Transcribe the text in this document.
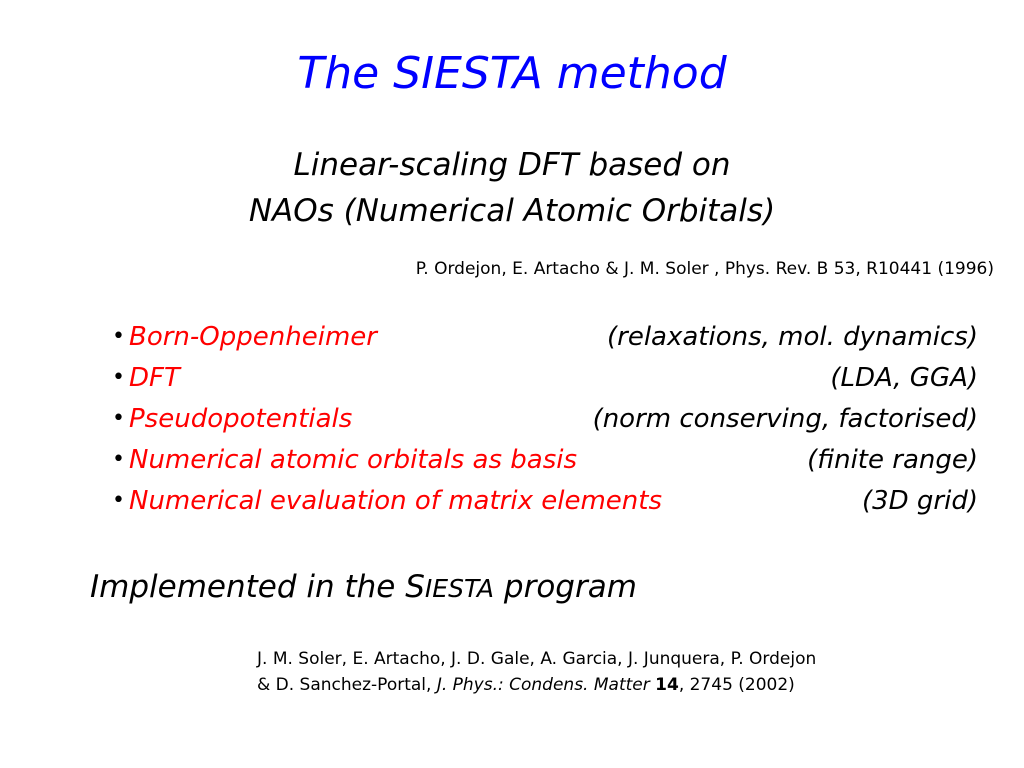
The SIESTA method
Linear-scaling DFT based on
NAOs (Numerical Atomic Orbitals)
P. Ordejon, E. Artacho & J. M. Soler , Phys. Rev. B 53, R10441 (1996)
• Born-Oppenheimer	(relaxations, mol. dynamics)
• DFT	(LDA, GGA)
• Pseudopotentials	(norm conserving, factorised)
• Numerical atomic orbitals as basis	(finite range)
• Numerical evaluation of matrix elements	(3D grid)
Implemented in the SIESTA program
J. M. Soler, E. Artacho, J. D. Gale, A. Garcia, J. Junquera, P. Ordejon
& D. Sanchez-Portal, J. Phys.: Condens. Matter 14, 2745 (2002)
